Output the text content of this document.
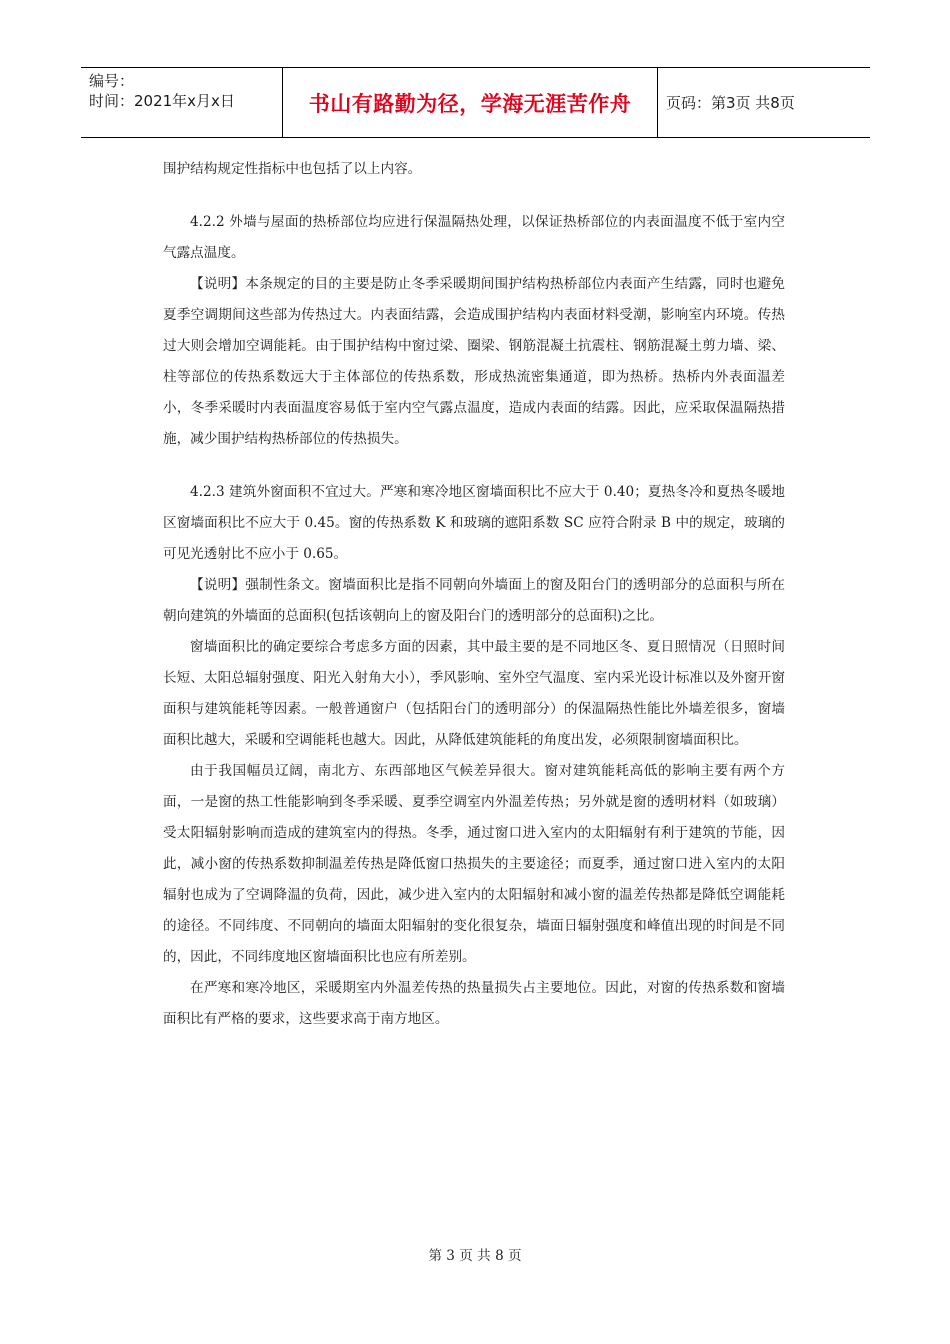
编号：
时间：2021年x月x日	书山有路勤为径，学海无涯苦作舟 页码：第3页 共8页

围护结构规定性指标中也包括了以上内容。

4.2.2 外墙与屋面的热桥部位均应进行保温隔热处理，以保证热桥部位的内表面温度不低于室内空气露点温度。

【说明】本条规定的目的主要是防止冬季采暖期间围护结构热桥部位内表面产生结露，同时也避免夏季空调期间这些部为传热过大。内表面结露，会造成围护结构内表面材料受潮，影响室内环境。传热过大则会增加空调能耗。由于围护结构中窗过梁、圈梁、钢筋混凝土抗震柱、钢筋混凝土剪力墙、梁、柱等部位的传热系数远大于主体部位的传热系数，形成热流密集通道，即为热桥。热桥内外表面温差小，冬季采暖时内表面温度容易低于室内空气露点温度，造成内表面的结露。因此，应采取保温隔热措施，减少围护结构热桥部位的传热损失。

4.2.3 建筑外窗面积不宜过大。严寒和寒冷地区窗墙面积比不应大于 0.40；夏热冬冷和夏热冬暖地区窗墙面积比不应大于 0.45。窗的传热系数 K 和玻璃的遮阳系数 SC 应符合附录 B 中的规定，玻璃的可见光透射比不应小于 0.65。

【说明】强制性条文。窗墙面积比是指不同朝向外墙面上的窗及阳台门的透明部分的总面积与所在朝向建筑的外墙面的总面积(包括该朝向上的窗及阳台门的透明部分的总面积)之比。

窗墙面积比的确定要综合考虑多方面的因素，其中最主要的是不同地区冬、夏日照情况（日照时间长短、太阳总辐射强度、阳光入射角大小），季风影响、室外空气温度、室内采光设计标准以及外窗开窗面积与建筑能耗等因素。一般普通窗户（包括阳台门的透明部分）的保温隔热性能比外墙差很多，窗墙面积比越大，采暖和空调能耗也越大。因此，从降低建筑能耗的角度出发，必须限制窗墙面积比。

由于我国幅员辽阔，南北方、东西部地区气候差异很大。窗对建筑能耗高低的影响主要有两个方面，一是窗的热工性能影响到冬季采暖、夏季空调室内外温差传热；另外就是窗的透明材料（如玻璃）受太阳辐射影响而造成的建筑室内的得热。冬季，通过窗口进入室内的太阳辐射有利于建筑的节能，因此，减小窗的传热系数抑制温差传热是降低窗口热损失的主要途径；而夏季，通过窗口进入室内的太阳辐射也成为了空调降温的负荷，因此，减少进入室内的太阳辐射和减小窗的温差传热都是降低空调能耗的途径。不同纬度、不同朝向的墙面太阳辐射的变化很复杂，墙面日辐射强度和峰值出现的时间是不同的，因此，不同纬度地区窗墙面积比也应有所差别。

在严寒和寒冷地区，采暖期室内外温差传热的热量损失占主要地位。因此，对窗的传热系数和窗墙面积比有严格的要求，这些要求高于南方地区。

第 3 页 共 8 页
